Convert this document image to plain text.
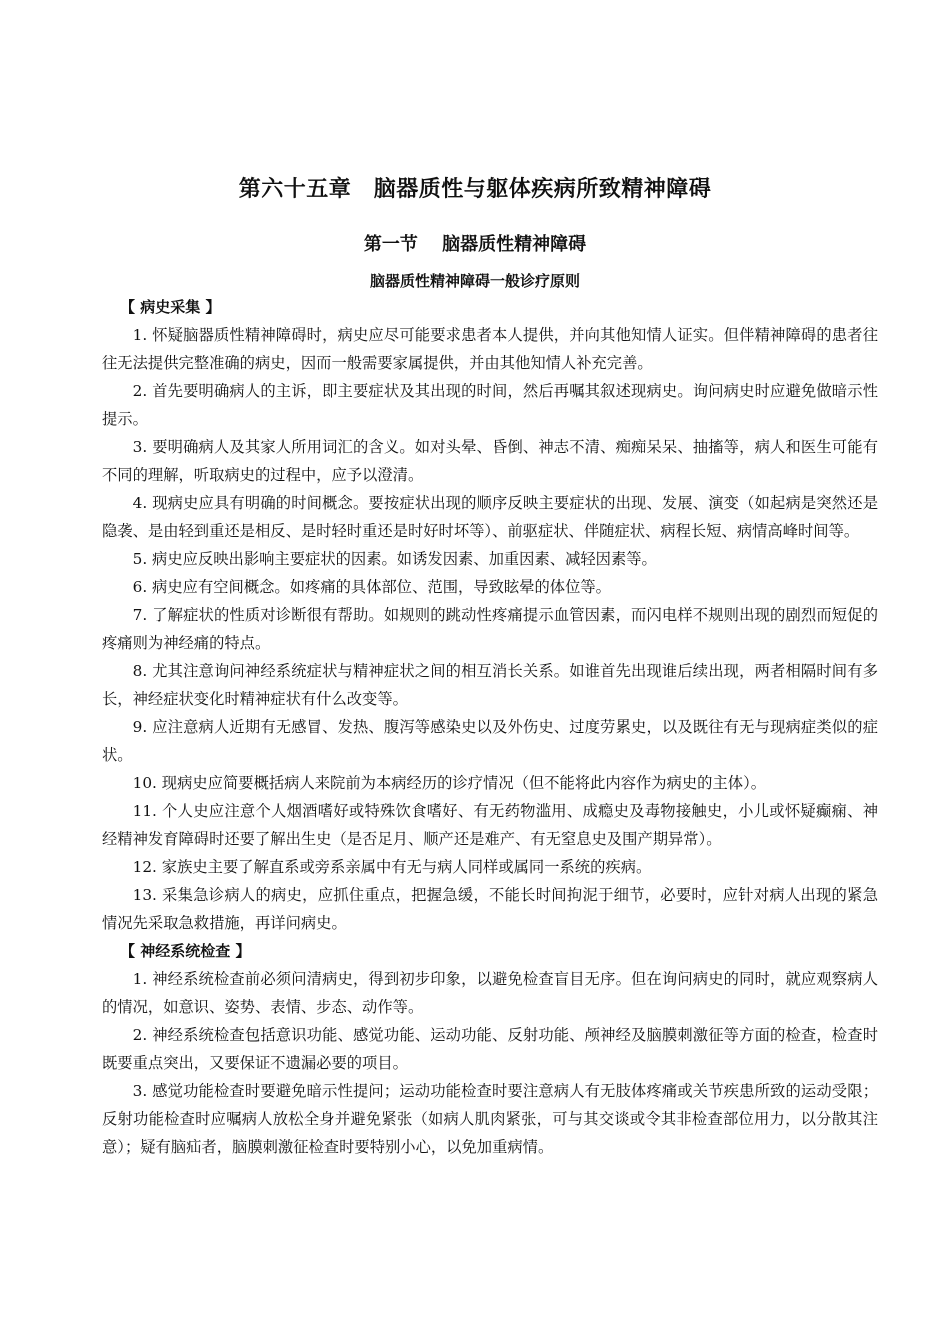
第六十五章　脑器质性与躯体疾病所致精神障碍
第一节　 脑器质性精神障碍
脑器质性精神障碍一般诊疗原则

【 病史采集 】

1. 怀疑脑器质性精神障碍时，病史应尽可能要求患者本人提供，并向其他知情人证实。但伴精神障碍的患者往往无法提供完整准确的病史，因而一般需要家属提供，并由其他知情人补充完善。

2. 首先要明确病人的主诉，即主要症状及其出现的时间，然后再嘱其叙述现病史。询问病史时应避免做暗示性提示。

3. 要明确病人及其家人所用词汇的含义。如对头晕、昏倒、神志不清、痴痴呆呆、抽搐等，病人和医生可能有不同的理解，听取病史的过程中，应予以澄清。

4. 现病史应具有明确的时间概念。要按症状出现的顺序反映主要症状的出现、发展、演变（如起病是突然还是隐袭、是由轻到重还是相反、是时轻时重还是时好时坏等）、前驱症状、伴随症状、病程长短、病情高峰时间等。

5. 病史应反映出影响主要症状的因素。如诱发因素、加重因素、减轻因素等。

6. 病史应有空间概念。如疼痛的具体部位、范围，导致眩晕的体位等。

7. 了解症状的性质对诊断很有帮助。如规则的跳动性疼痛提示血管因素，而闪电样不规则出现的剧烈而短促的疼痛则为神经痛的特点。

8. 尤其注意询问神经系统症状与精神症状之间的相互消长关系。如谁首先出现谁后续出现，两者相隔时间有多长，神经症状变化时精神症状有什么改变等。

9. 应注意病人近期有无感冒、发热、腹泻等感染史以及外伤史、过度劳累史，以及既往有无与现病症类似的症状。

10. 现病史应简要概括病人来院前为本病经历的诊疗情况（但不能将此内容作为病史的主体）。

11. 个人史应注意个人烟酒嗜好或特殊饮食嗜好、有无药物滥用、成瘾史及毒物接触史，小儿或怀疑癫痫、神经精神发育障碍时还要了解出生史（是否足月、顺产还是难产、有无窒息史及围产期异常）。

12. 家族史主要了解直系或旁系亲属中有无与病人同样或属同一系统的疾病。

13. 采集急诊病人的病史，应抓住重点，把握急缓，不能长时间拘泥于细节，必要时，应针对病人出现的紧急情况先采取急救措施，再详问病史。

【 神经系统检查 】

1. 神经系统检查前必须问清病史，得到初步印象，以避免检查盲目无序。但在询问病史的同时，就应观察病人的情况，如意识、姿势、表情、步态、动作等。

2. 神经系统检查包括意识功能、感觉功能、运动功能、反射功能、颅神经及脑膜刺激征等方面的检查，检查时既要重点突出，又要保证不遗漏必要的项目。

3. 感觉功能检查时要避免暗示性提问；运动功能检查时要注意病人有无肢体疼痛或关节疾患所致的运动受限；反射功能检查时应嘱病人放松全身并避免紧张（如病人肌肉紧张，可与其交谈或令其非检查部位用力，以分散其注意）；疑有脑疝者，脑膜刺激征检查时要特别小心，以免加重病情。
